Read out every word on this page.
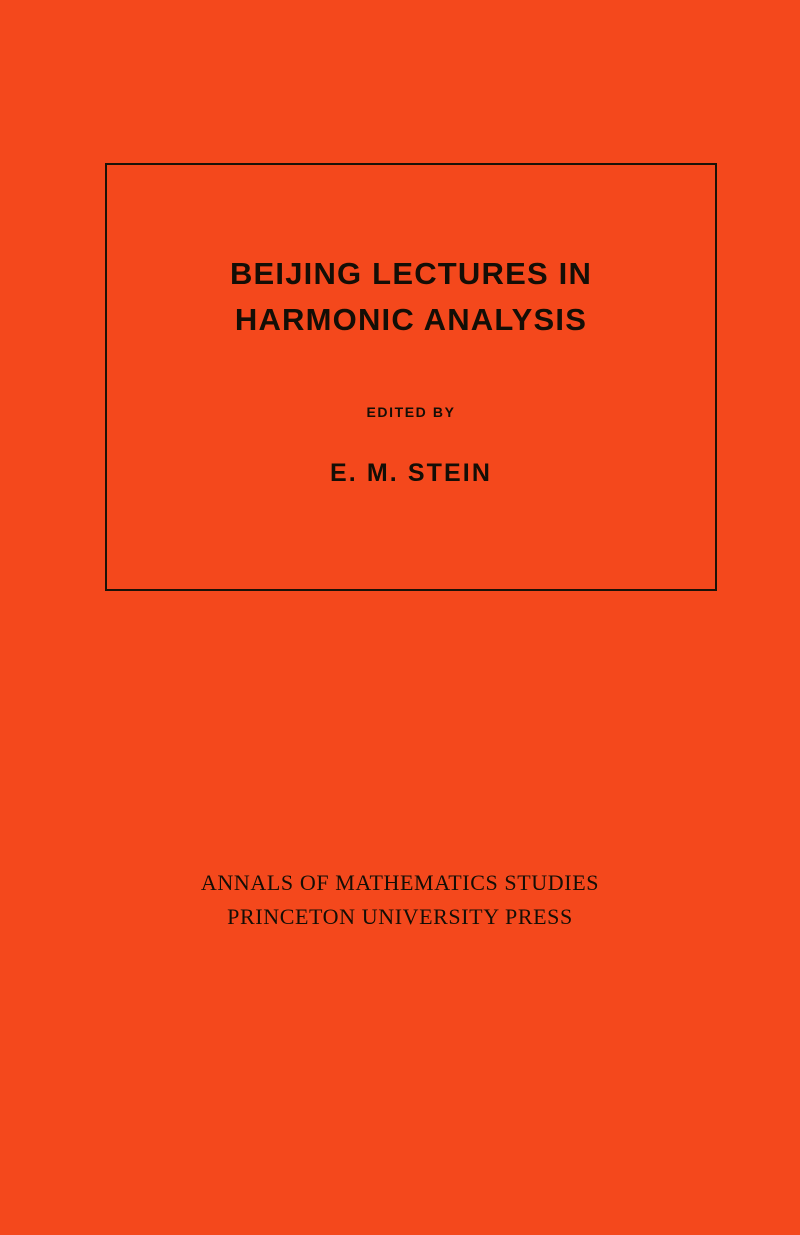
BEIJING LECTURES IN
HARMONIC ANALYSIS
EDITED BY
E. M. STEIN
ANNALS OF MATHEMATICS STUDIES
PRINCETON UNIVERSITY PRESS
